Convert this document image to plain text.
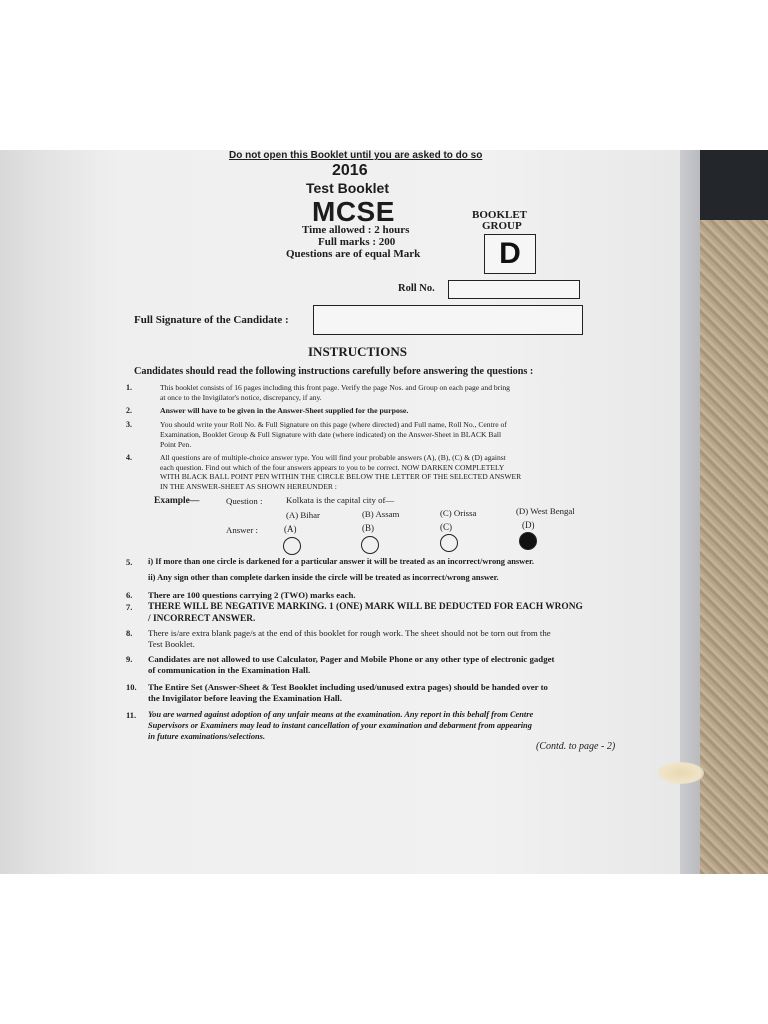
Do not open this Booklet until you are asked to do so
2016
Test Booklet
MCSE
Time allowed : 2 hours
Full marks : 200
Questions are of equal Mark
BOOKLET
GROUP
D
Roll No.
Full Signature of the Candidate :
INSTRUCTIONS
Candidates should read the following instructions carefully before answering the questions :
1.	This booklet consists of 16 pages including this front page. Verify the page Nos. and Group on each page and bring
at once to the Invigilator's notice, discrepancy, if any.
2.	Answer will have to be given in the Answer-Sheet supplied for the purpose.
3.	You should write your Roll No. & Full Signature on this page (where directed) and Full name, Roll No., Centre of
Examination, Booklet Group & Full Signature with date (where indicated) on the Answer-Sheet in BLACK Ball
Point Pen.
4.	All questions are of multiple-choice answer type. You will find your probable answers (A), (B), (C) & (D) against
each question. Find out which of the four answers appears to you to be correct. NOW DARKEN COMPLETELY
WITH BLACK BALL POINT PEN WITHIN THE CIRCLE BELOW THE LETTER OF THE SELECTED ANSWER
IN THE ANSWER-SHEET AS SHOWN HEREUNDER :
Example—	Question :	Kolkata is the capital city of—
(A) Bihar	(B) Assam	(C) Orissa	(D) West Bengal
Answer :	(A)	(B)	(C)	(D)
5. i) If more than one circle is darkened for a particular answer it will be treated as an incorrect/wrong answer.
ii) Any sign other than complete darken inside the circle will be treated as incorrect/wrong answer.
6. There are 100 questions carrying 2 (TWO) marks each.
7. THERE WILL BE NEGATIVE MARKING. 1 (ONE) MARK WILL BE DEDUCTED FOR EACH WRONG
/ INCORRECT ANSWER.
8. There is/are extra blank page/s at the end of this booklet for rough work. The sheet should not be torn out from the
Test Booklet.
9. Candidates are not allowed to use Calculator, Pager and Mobile Phone or any other type of electronic gadget
of communication in the Examination Hall.
10. The Entire Set (Answer-Sheet & Test Booklet including used/unused extra pages) should be handed over to
the Invigilator before leaving the Examination Hall.
11. You are warned against adoption of any unfair means at the examination. Any report in this behalf from Centre
Supervisors or Examiners may lead to instant cancellation of your examination and debarment from appearing
in future examinations/selections.
(Contd. to page - 2)
